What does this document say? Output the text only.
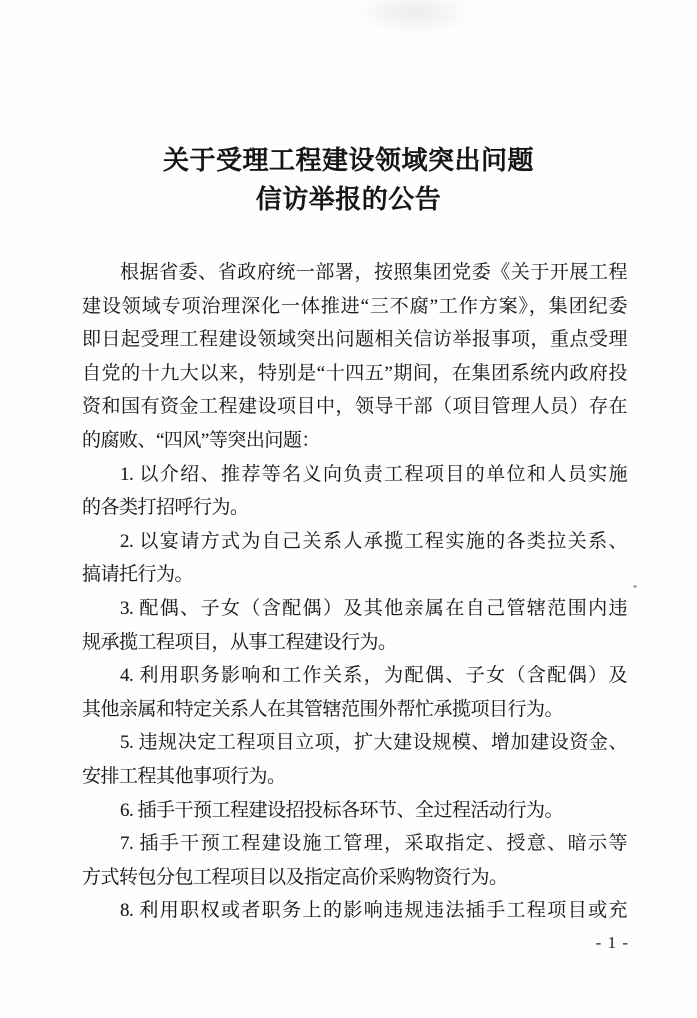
关于受理工程建设领域突出问题
信访举报的公告
根据省委、省政府统一部署，按照集团党委《关于开展工程
建设领域专项治理深化一体推进“三不腐”工作方案》，集团纪委
即日起受理工程建设领域突出问题相关信访举报事项，重点受理
自党的十九大以来，特别是“十四五”期间，在集团系统内政府投
资和国有资金工程建设项目中，领导干部（项目管理人员）存在
的腐败、“四风”等突出问题：
1. 以介绍、推荐等名义向负责工程项目的单位和人员实施
的各类打招呼行为。
2. 以宴请方式为自己关系人承揽工程实施的各类拉关系、
搞请托行为。
3. 配偶、子女（含配偶）及其他亲属在自己管辖范围内违
规承揽工程项目，从事工程建设行为。
4. 利用职务影响和工作关系，为配偶、子女（含配偶）及
其他亲属和特定关系人在其管辖范围外帮忙承揽项目行为。
5. 违规决定工程项目立项，扩大建设规模、增加建设资金、
安排工程其他事项行为。
6. 插手干预工程建设招投标各环节、全过程活动行为。
7. 插手干预工程建设施工管理，采取指定、授意、暗示等
方式转包分包工程项目以及指定高价采购物资行为。
8. 利用职权或者职务上的影响违规违法插手工程项目或充
- 1 -
